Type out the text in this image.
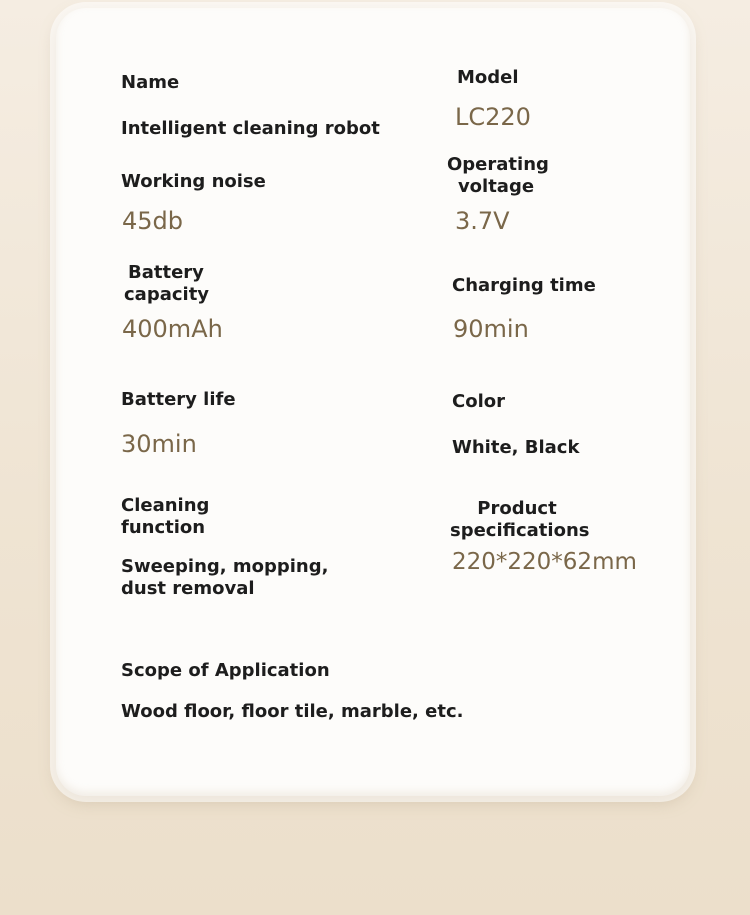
Name

Intelligent cleaning robot

Working noise

45db

Battery

capacity

400mAh

Battery life

30min

Cleaning

function

Sweeping, mopping,

dust removal

Scope of Application

Wood floor, floor tile, marble, etc.

Model

LC220

Operating

voltage

3.7V

Charging time

90min

Color

White, Black

Product

specifications

220*220*62mm
